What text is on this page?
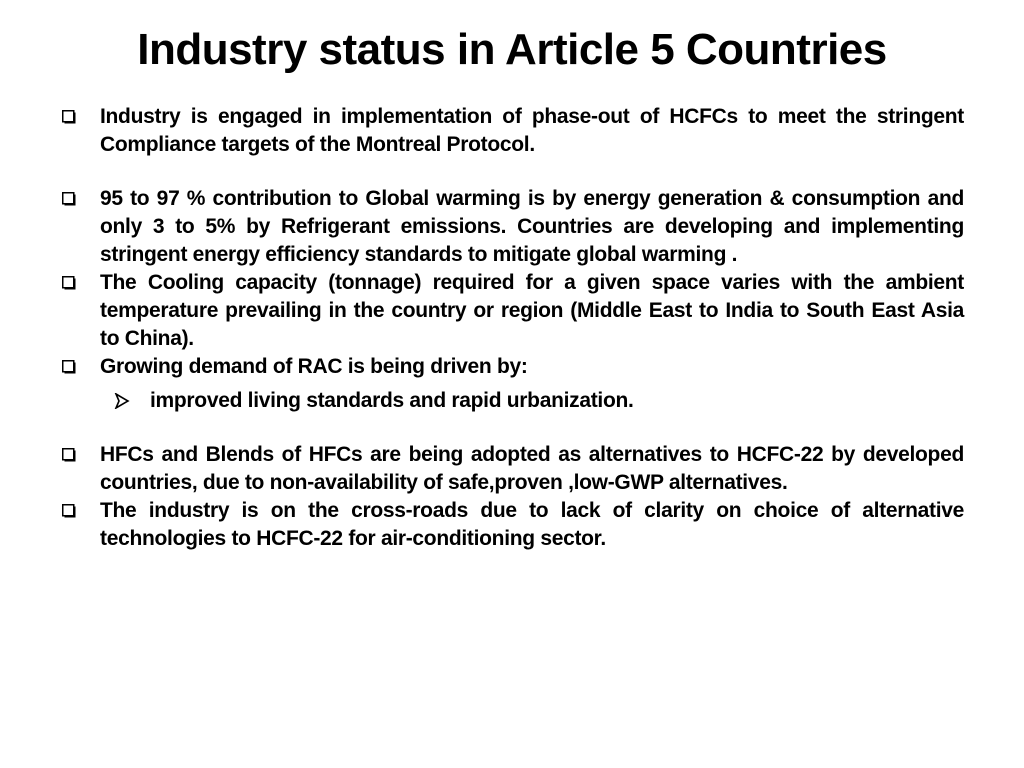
Industry status in Article 5 Countries
Industry is engaged in implementation of phase-out of HCFCs to meet the stringent Compliance targets of the Montreal Protocol.
95 to 97 % contribution to Global warming is by energy generation & consumption and only 3 to 5% by Refrigerant emissions. Countries are developing and implementing stringent energy efficiency standards to mitigate global warming .
The Cooling capacity (tonnage) required for a given space varies with the ambient temperature prevailing in the country or region (Middle East to India to South East Asia to China).
Growing demand of RAC is being driven by:
improved living standards and rapid urbanization.
HFCs and Blends of HFCs are being adopted as alternatives to HCFC-22 by developed countries, due to non-availability of safe,proven ,low-GWP alternatives.
The industry is on the cross-roads due to lack of clarity on choice of alternative technologies to HCFC-22 for air-conditioning sector.
